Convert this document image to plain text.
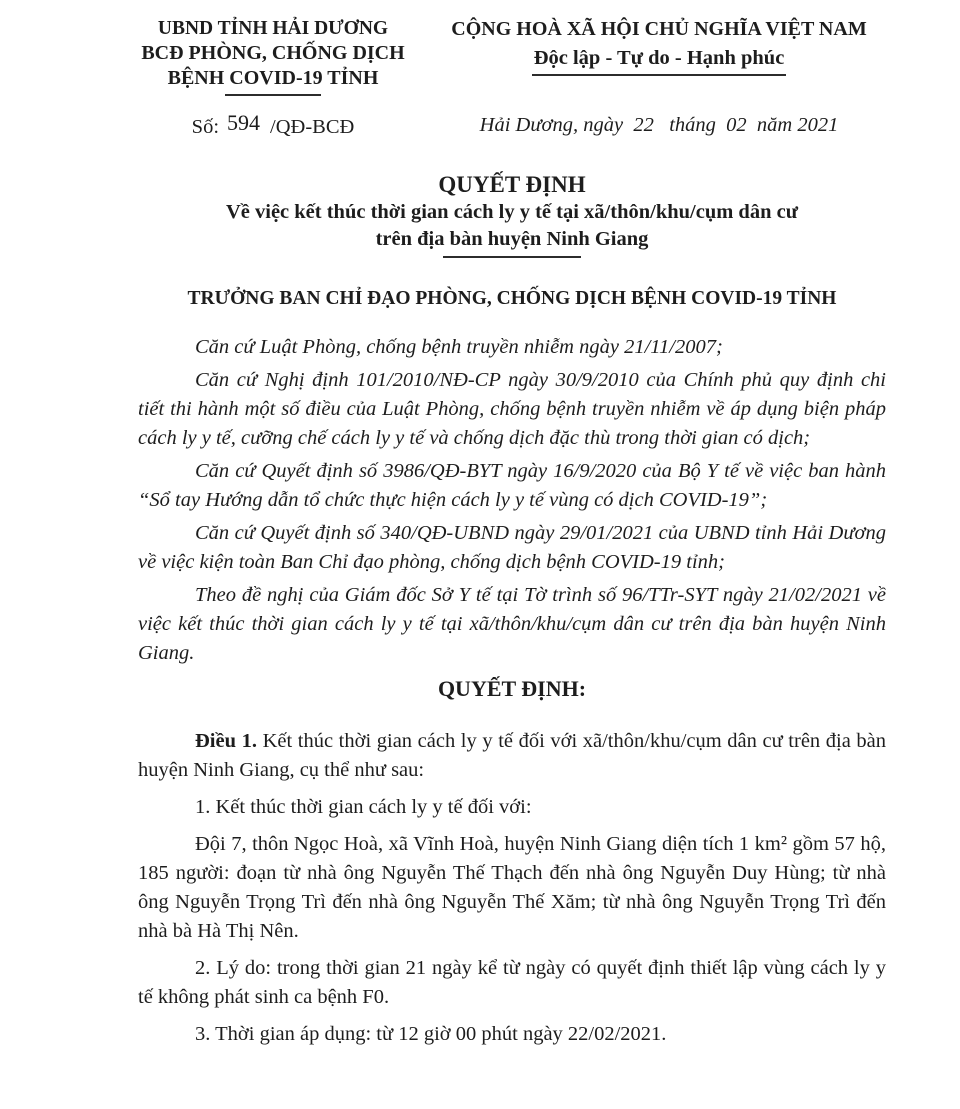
UBND TỈNH HẢI DƯƠNG
BCĐ PHÒNG, CHỐNG DỊCH
BỆNH COVID-19 TỈNH
CỘNG HOÀ XÃ HỘI CHỦ NGHĨA VIỆT NAM
Độc lập - Tự do - Hạnh phúc
Số: 594 /QĐ-BCĐ	Hải Dương, ngày  22   tháng  02  năm 2021
QUYẾT ĐỊNH
Về việc kết thúc thời gian cách ly y tế tại xã/thôn/khu/cụm dân cư
trên địa bàn huyện Ninh Giang
TRƯỞNG BAN CHỈ ĐẠO PHÒNG, CHỐNG DỊCH BỆNH COVID-19 TỈNH

Căn cứ Luật Phòng, chống bệnh truyền nhiễm ngày 21/11/2007;

Căn cứ Nghị định 101/2010/NĐ-CP ngày 30/9/2010 của Chính phủ quy định chi tiết thi hành một số điều của Luật Phòng, chống bệnh truyền nhiễm về áp dụng biện pháp cách ly y tế, cưỡng chế cách ly y tế và chống dịch đặc thù trong thời gian có dịch;

Căn cứ Quyết định số 3986/QĐ-BYT ngày 16/9/2020 của Bộ Y tế về việc ban hành “Sổ tay Hướng dẫn tổ chức thực hiện cách ly y tế vùng có dịch COVID-19”;

Căn cứ Quyết định số 340/QĐ-UBND ngày 29/01/2021 của UBND tỉnh Hải Dương về việc kiện toàn Ban Chỉ đạo phòng, chống dịch bệnh COVID-19 tỉnh;

Theo đề nghị của Giám đốc Sở Y tế tại Tờ trình số 96/TTr-SYT ngày 21/02/2021 về việc kết thúc thời gian cách ly y tế tại xã/thôn/khu/cụm dân cư trên địa bàn huyện Ninh Giang.

QUYẾT ĐỊNH:

Điều 1. Kết thúc thời gian cách ly y tế đối với xã/thôn/khu/cụm dân cư trên địa bàn huyện Ninh Giang, cụ thể như sau:

1. Kết thúc thời gian cách ly y tế đối với:

Đội 7, thôn Ngọc Hoà, xã Vĩnh Hoà, huyện Ninh Giang diện tích 1 km² gồm 57 hộ, 185 người: đoạn từ nhà ông Nguyễn Thế Thạch đến nhà ông Nguyễn Duy Hùng; từ nhà ông Nguyễn Trọng Trì đến nhà ông Nguyễn Thế Xăm; từ nhà ông Nguyễn Trọng Trì đến nhà bà Hà Thị Nên.

2. Lý do: trong thời gian 21 ngày kể từ ngày có quyết định thiết lập vùng cách ly y tế không phát sinh ca bệnh F0.

3. Thời gian áp dụng: từ 12 giờ 00 phút ngày 22/02/2021.
